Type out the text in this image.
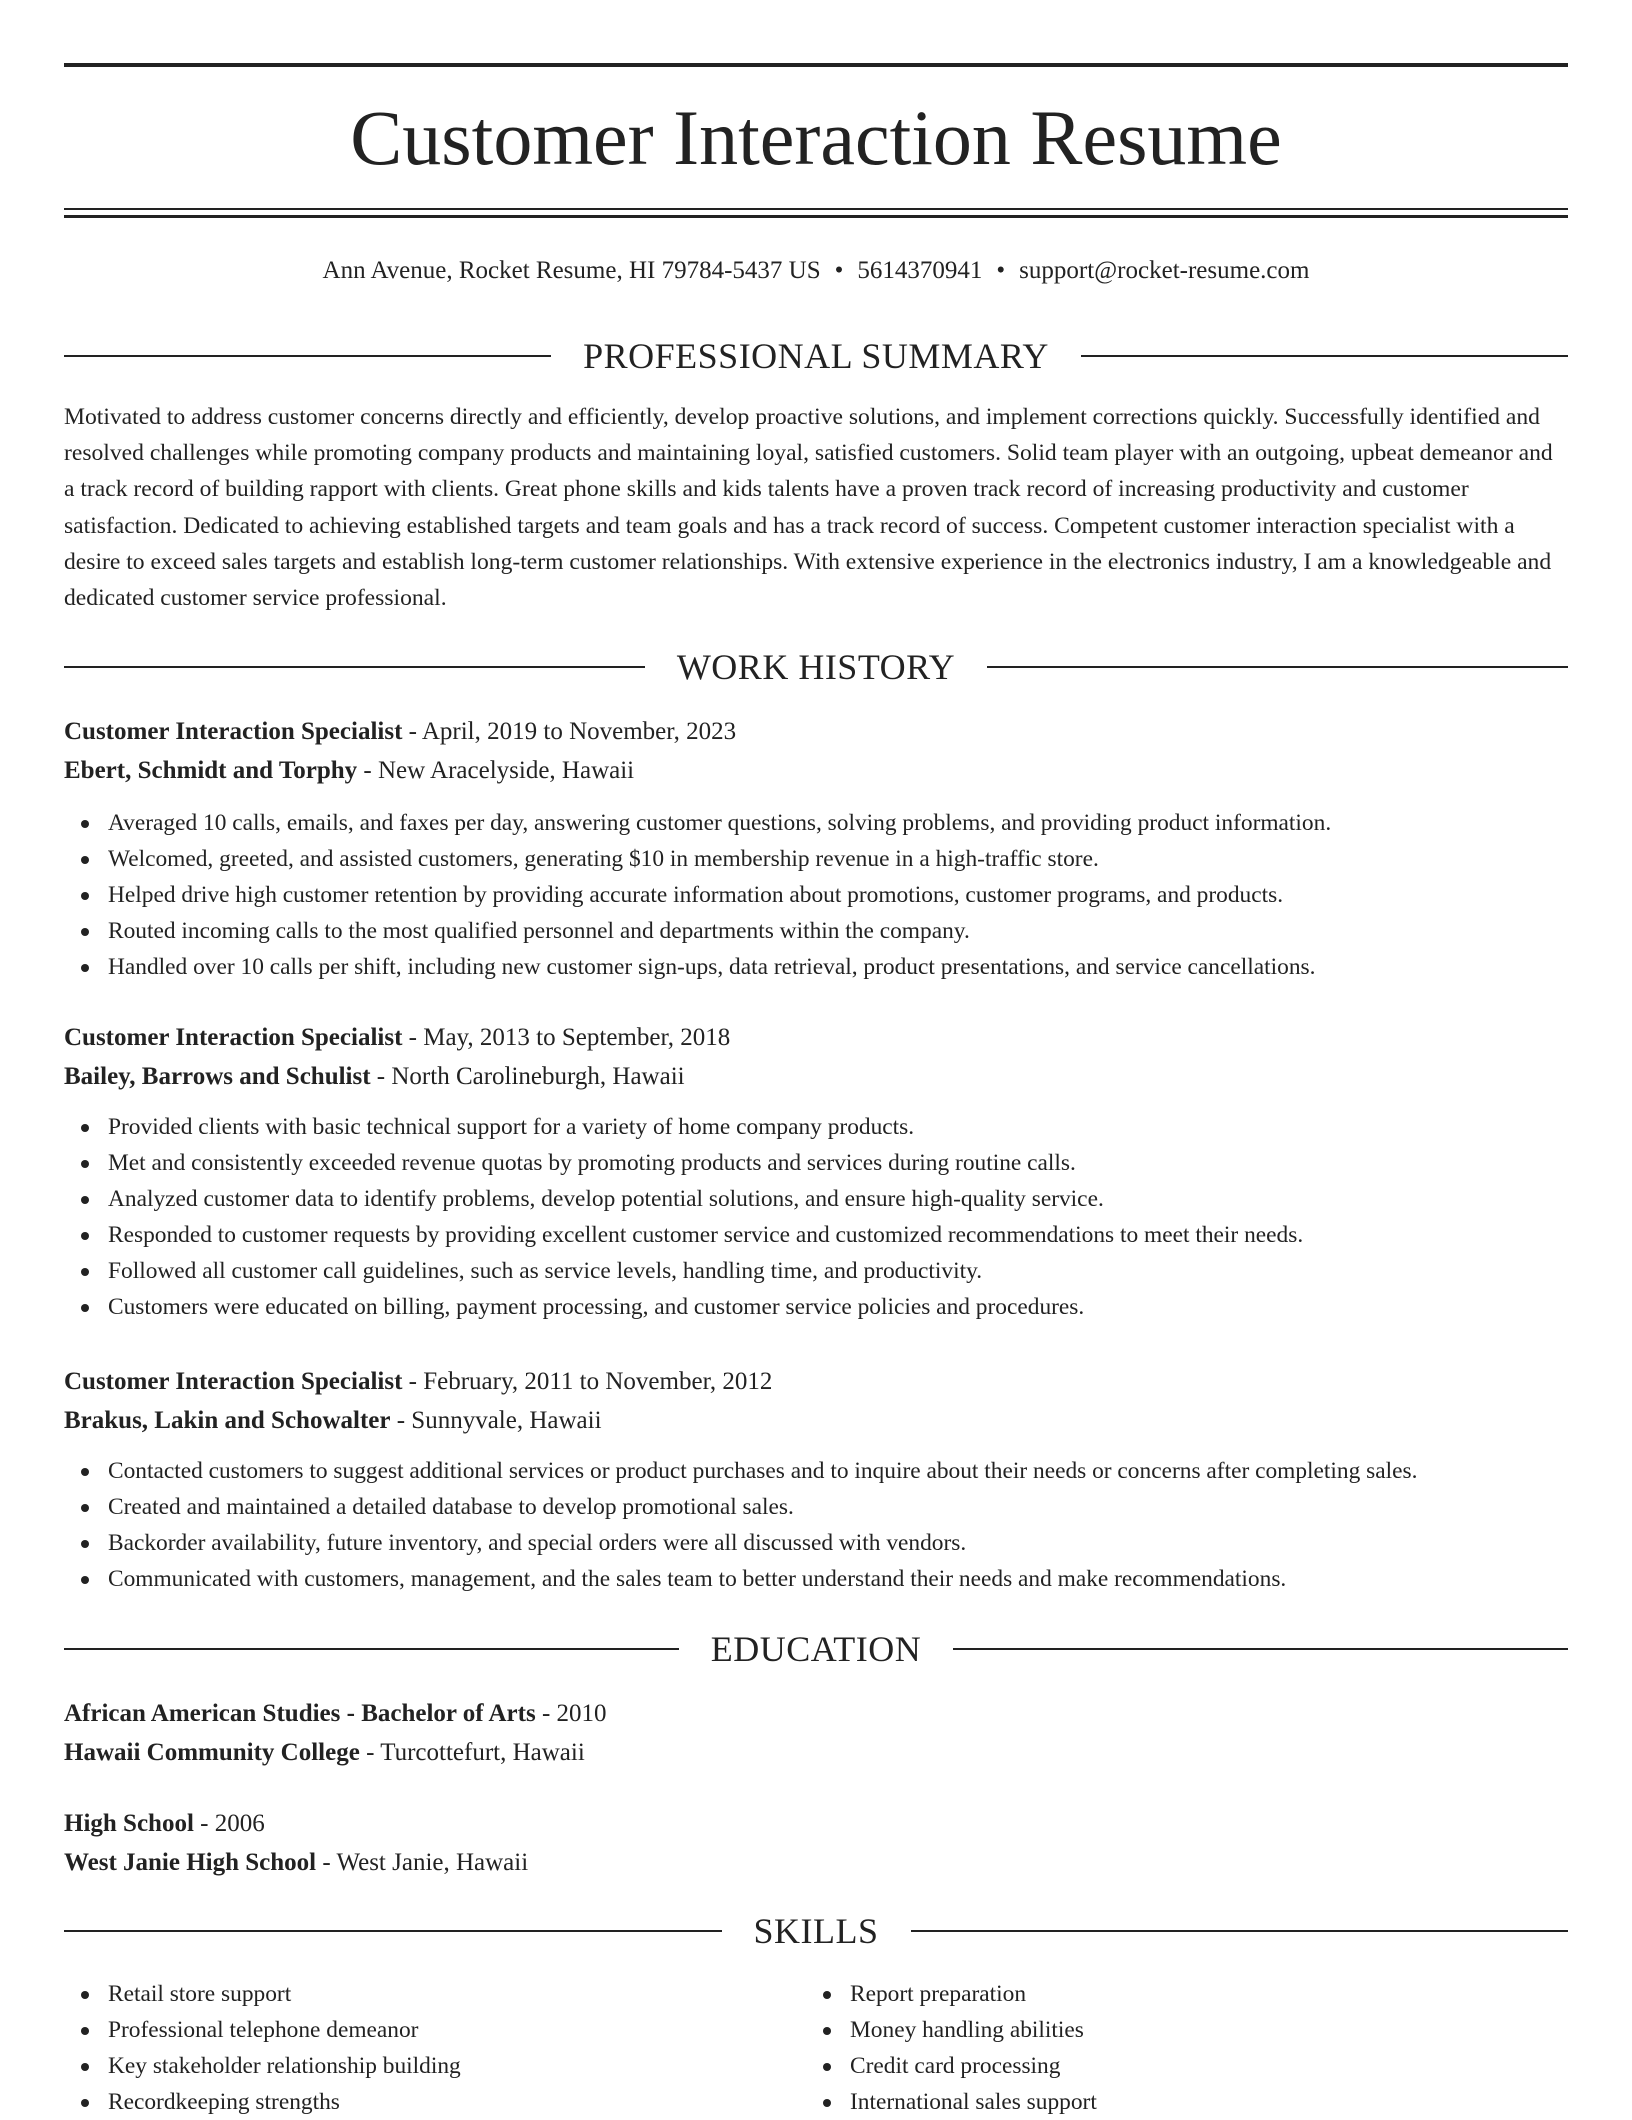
Customer Interaction Resume
Ann Avenue, Rocket Resume, HI 79784-5437 US • 5614370941 • support@rocket-resume.com
PROFESSIONAL SUMMARY

Motivated to address customer concerns directly and efficiently, develop proactive solutions, and implement corrections quickly. Successfully identified and resolved challenges while promoting company products and maintaining loyal, satisfied customers. Solid team player with an outgoing, upbeat demeanor and a track record of building rapport with clients. Great phone skills and kids talents have a proven track record of increasing productivity and customer satisfaction. Dedicated to achieving established targets and team goals and has a track record of success. Competent customer interaction specialist with a desire to exceed sales targets and establish long-term customer relationships. With extensive experience in the electronics industry, I am a knowledgeable and dedicated customer service professional.

WORK HISTORY
Customer Interaction Specialist - April, 2019 to November, 2023
Ebert, Schmidt and Torphy - New Aracelyside, Hawaii
Averaged 10 calls, emails, and faxes per day, answering customer questions, solving problems, and providing product information.
Welcomed, greeted, and assisted customers, generating $10 in membership revenue in a high-traffic store.
Helped drive high customer retention by providing accurate information about promotions, customer programs, and products.
Routed incoming calls to the most qualified personnel and departments within the company.
Handled over 10 calls per shift, including new customer sign-ups, data retrieval, product presentations, and service cancellations.
Customer Interaction Specialist - May, 2013 to September, 2018
Bailey, Barrows and Schulist - North Carolineburgh, Hawaii
Provided clients with basic technical support for a variety of home company products.
Met and consistently exceeded revenue quotas by promoting products and services during routine calls.
Analyzed customer data to identify problems, develop potential solutions, and ensure high-quality service.
Responded to customer requests by providing excellent customer service and customized recommendations to meet their needs.
Followed all customer call guidelines, such as service levels, handling time, and productivity.
Customers were educated on billing, payment processing, and customer service policies and procedures.
Customer Interaction Specialist - February, 2011 to November, 2012
Brakus, Lakin and Schowalter - Sunnyvale, Hawaii
Contacted customers to suggest additional services or product purchases and to inquire about their needs or concerns after completing sales.
Created and maintained a detailed database to develop promotional sales.
Backorder availability, future inventory, and special orders were all discussed with vendors.
Communicated with customers, management, and the sales team to better understand their needs and make recommendations.
EDUCATION
African American Studies - Bachelor of Arts - 2010
Hawaii Community College - Turcottefurt, Hawaii
High School - 2006
West Janie High School - West Janie, Hawaii
SKILLS
Retail store support
Professional telephone demeanor
Key stakeholder relationship building
Recordkeeping strengths
Report preparation
Money handling abilities
Credit card processing
International sales support
